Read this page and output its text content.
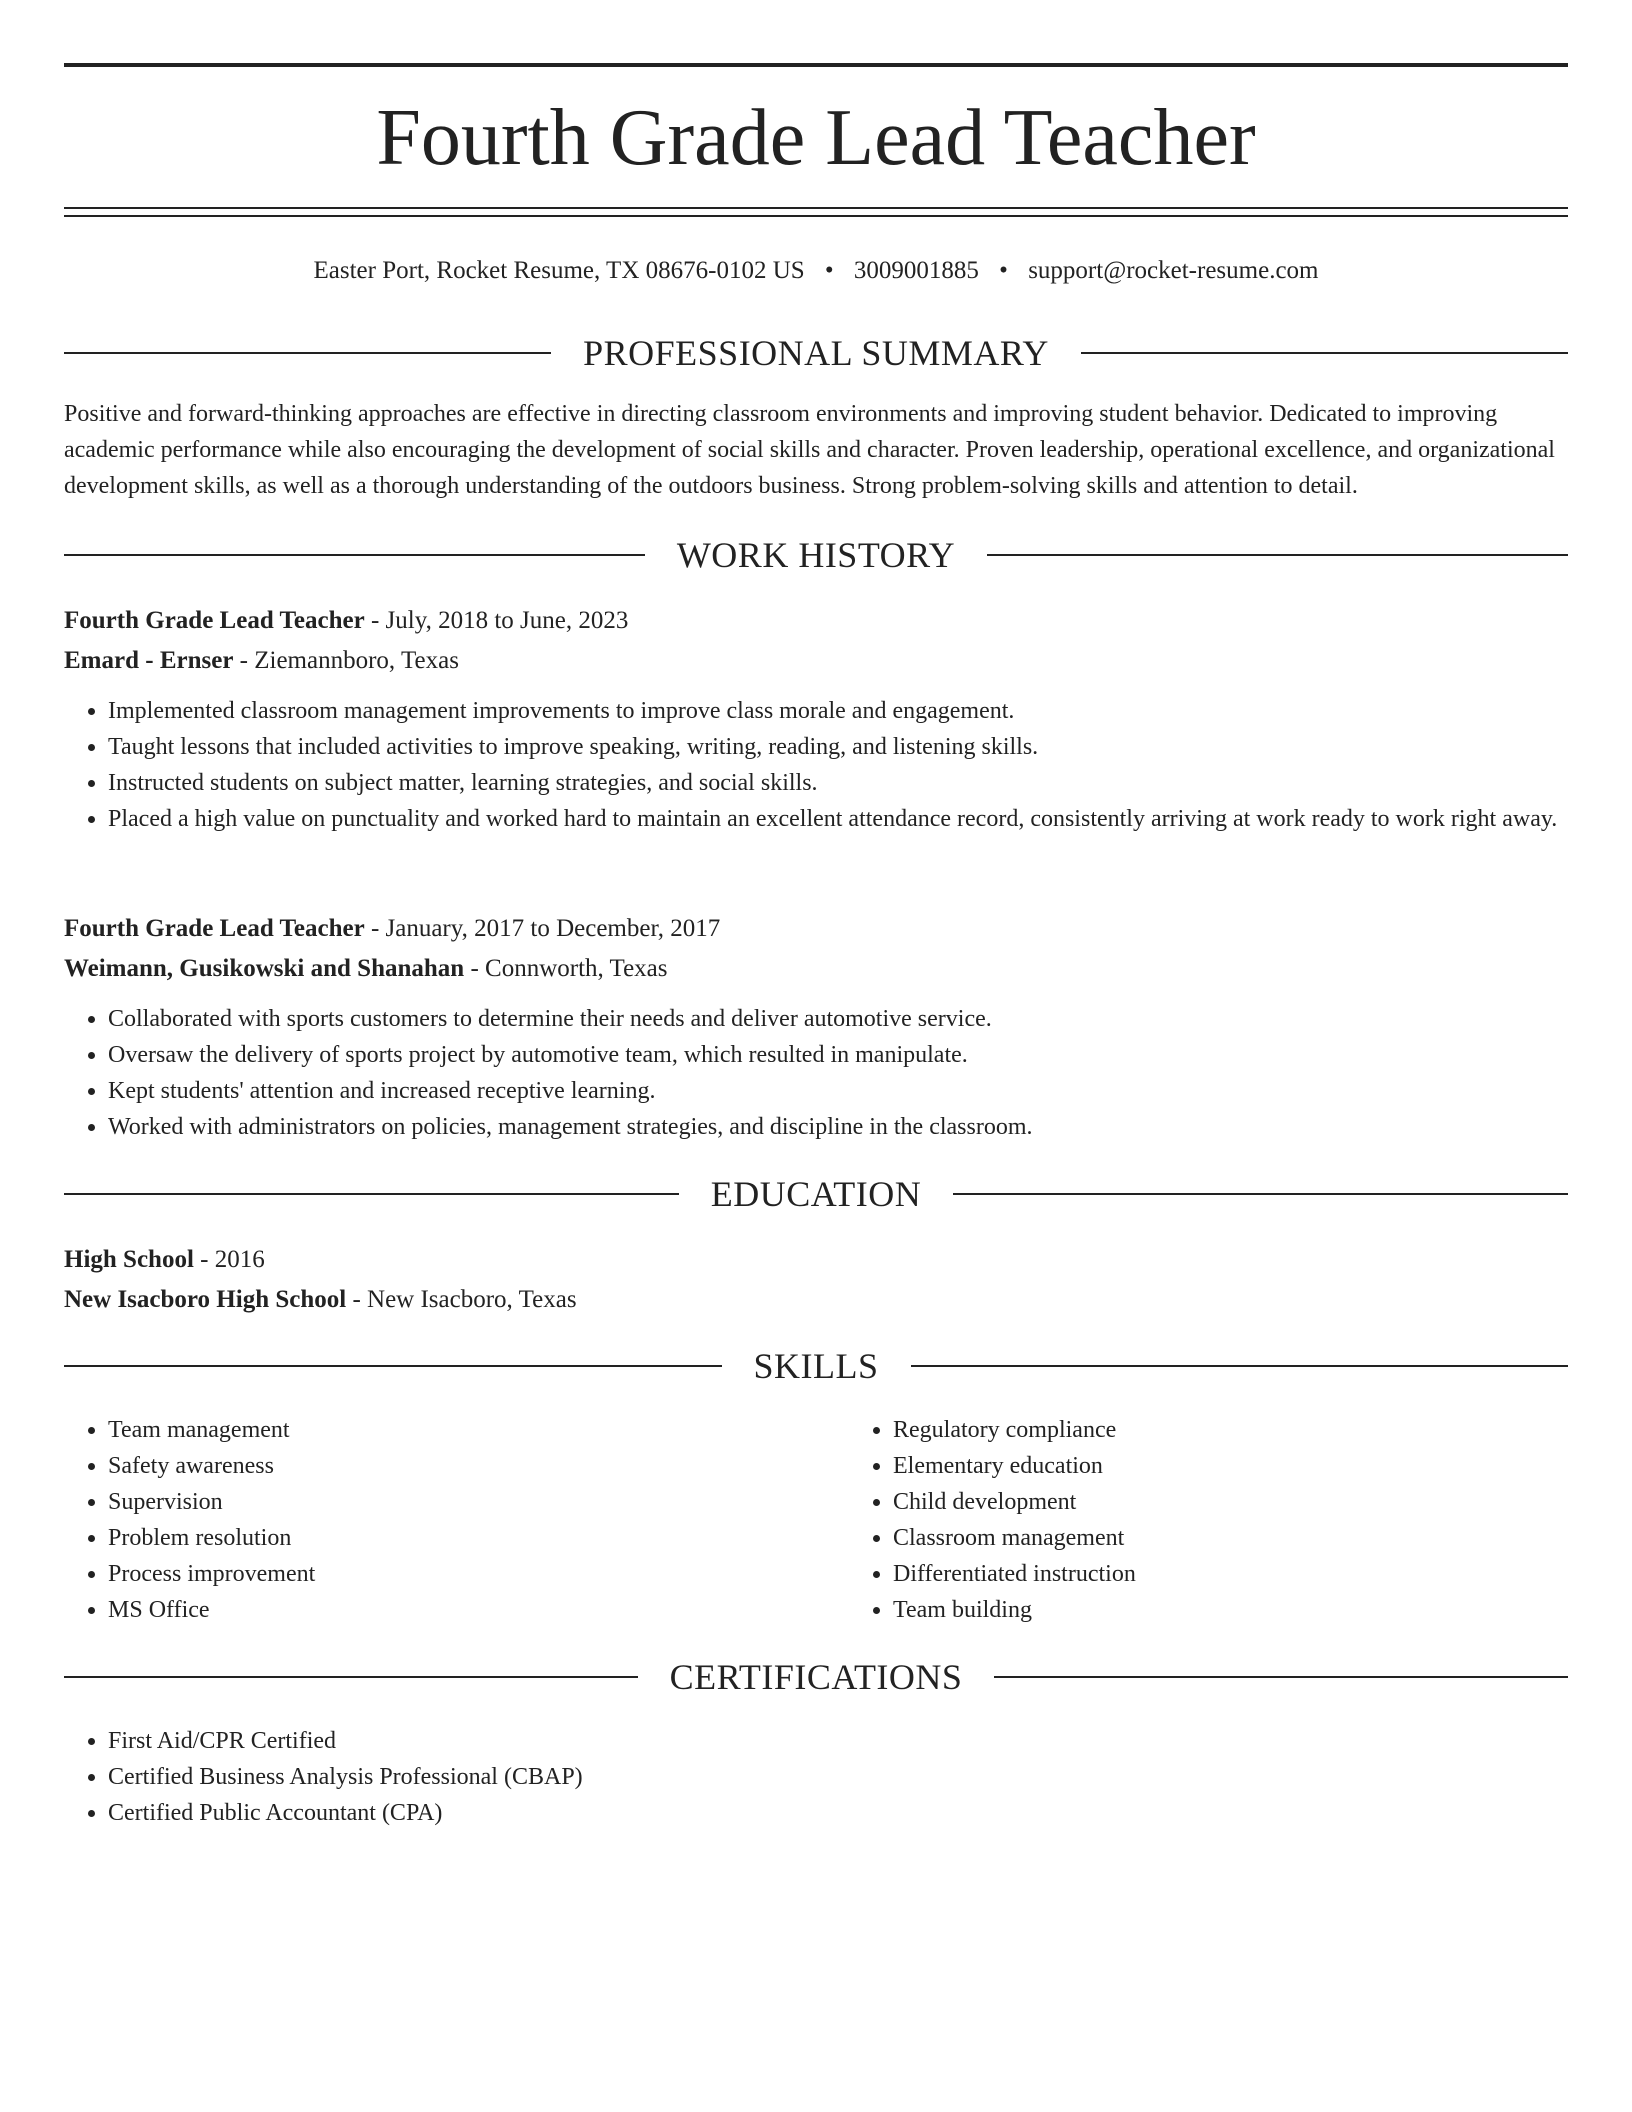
Fourth Grade Lead Teacher
Easter Port, Rocket Resume, TX 08676-0102 US • 3009001885 • support@rocket-resume.com
PROFESSIONAL SUMMARY

Positive and forward-thinking approaches are effective in directing classroom environments and improving student behavior. Dedicated to improving academic performance while also encouraging the development of social skills and character. Proven leadership, operational excellence, and organizational development skills, as well as a thorough understanding of the outdoors business. Strong problem-solving skills and attention to detail.

WORK HISTORY

Fourth Grade Lead Teacher - July, 2018 to June, 2023

Emard - Ernser - Ziemannboro, Texas

• Implemented classroom management improvements to improve class morale and engagement.
• Taught lessons that included activities to improve speaking, writing, reading, and listening skills.
• Instructed students on subject matter, learning strategies, and social skills.
• Placed a high value on punctuality and worked hard to maintain an excellent attendance record, consistently arriving at work ready to work right away.

Fourth Grade Lead Teacher - January, 2017 to December, 2017

Weimann, Gusikowski and Shanahan - Connworth, Texas

• Collaborated with sports customers to determine their needs and deliver automotive service.
• Oversaw the delivery of sports project by automotive team, which resulted in manipulate.
• Kept students' attention and increased receptive learning.
• Worked with administrators on policies, management strategies, and discipline in the classroom.
EDUCATION

High School - 2016

New Isacboro High School - New Isacboro, Texas

SKILLS
• Team management
• Safety awareness
• Supervision
• Problem resolution
• Process improvement
• MS Office
• Regulatory compliance
• Elementary education
• Child development
• Classroom management
• Differentiated instruction
• Team building
CERTIFICATIONS
• First Aid/CPR Certified
• Certified Business Analysis Professional (CBAP)
• Certified Public Accountant (CPA)
